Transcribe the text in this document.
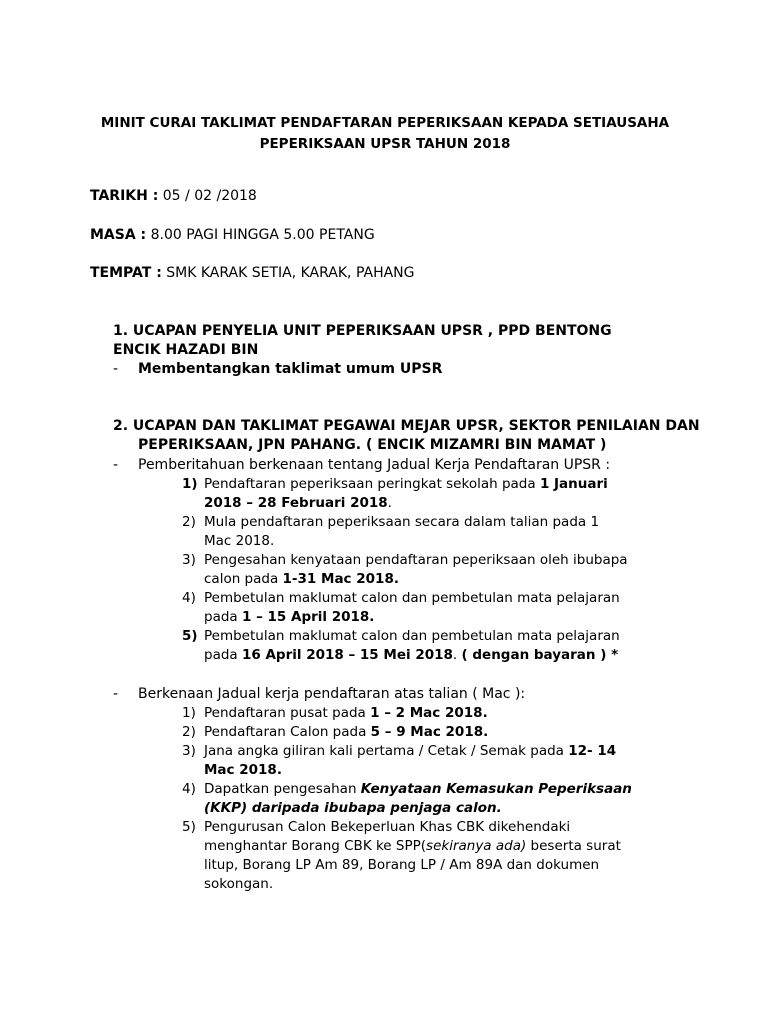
MINIT CURAI TAKLIMAT PENDAFTARAN PEPERIKSAAN KEPADA SETIAUSAHA
PEPERIKSAAN UPSR TAHUN 2018
TARIKH : 05 / 02 /2018
MASA : 8.00 PAGI HINGGA 5.00 PETANG
TEMPAT : SMK KARAK SETIA, KARAK, PAHANG
1. UCAPAN PENYELIA UNIT PEPERIKSAAN UPSR , PPD BENTONG
ENCIK HAZADI BIN
- Membentangkan taklimat umum UPSR
2. UCAPAN DAN TAKLIMAT PEGAWAI MEJAR UPSR, SEKTOR PENILAIAN DAN
PEPERIKSAAN, JPN PAHANG. ( ENCIK MIZAMRI BIN MAMAT )
- Pemberitahuan berkenaan tentang Jadual Kerja Pendaftaran UPSR :
1) Pendaftaran peperiksaan peringkat sekolah pada 1 Januari
2018 – 28 Februari 2018.
2) Mula pendaftaran peperiksaan secara dalam talian pada 1
Mac 2018.
3) Pengesahan kenyataan pendaftaran peperiksaan oleh ibubapa
calon pada 1-31 Mac 2018.
4) Pembetulan maklumat calon dan pembetulan mata pelajaran
pada 1 – 15 April 2018.
5) Pembetulan maklumat calon dan pembetulan mata pelajaran
pada 16 April 2018 – 15 Mei 2018. ( dengan bayaran ) *
- Berkenaan Jadual kerja pendaftaran atas talian ( Mac ):
1) Pendaftaran pusat pada 1 – 2 Mac 2018.
2) Pendaftaran Calon pada 5 – 9 Mac 2018.
3) Jana angka giliran kali pertama / Cetak / Semak pada 12- 14
Mac 2018.
4) Dapatkan pengesahan Kenyataan Kemasukan Peperiksaan
(KKP) daripada ibubapa penjaga calon.
5) Pengurusan Calon Bekeperluan Khas CBK dikehendaki
menghantar Borang CBK ke SPP(sekiranya ada) beserta surat
litup, Borang LP Am 89, Borang LP / Am 89A dan dokumen
sokongan.
